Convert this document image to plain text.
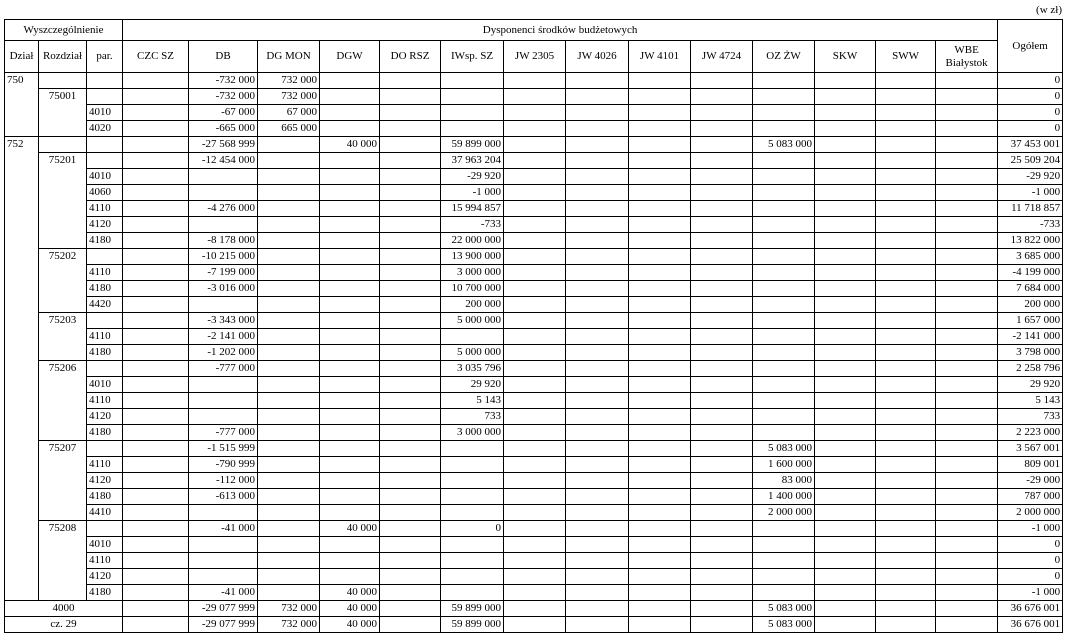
(w zł)
Wyszczególnienie			Dysponenci środków budżetowych														Ogółem
Dział	Rozdział	par.	CZC SZ	DB	DG MON	DGW	DO RSZ	IWsp. SZ	JW 2305	JW 4026	JW 4101	JW 4724	OZ ŻW	SKW	SWW	WBE
Białystok	

750				-732 000	732 000												0
	75001			-732 000	732 000												0
		4010		-67 000	67 000												0
		4020		-665 000	665 000												0
752				-27 568 999		40 000		59 899 000					5 083 000				37 453 001
	75201			-12 454 000				37 963 204									25 509 204
		4010						-29 920									-29 920
		4060						-1 000									-1 000
		4110		-4 276 000				15 994 857									11 718 857
		4120						-733									-733
		4180		-8 178 000				22 000 000									13 822 000
	75202			-10 215 000				13 900 000									3 685 000
		4110		-7 199 000				3 000 000									-4 199 000
		4180		-3 016 000				10 700 000									7 684 000
		4420						200 000									200 000
	75203			-3 343 000				5 000 000									1 657 000
		4110		-2 141 000													-2 141 000
		4180		-1 202 000				5 000 000									3 798 000
	75206			-777 000				3 035 796									2 258 796
		4010						29 920									29 920
		4110						5 143									5 143
		4120						733									733
		4180		-777 000				3 000 000									2 223 000
	75207			-1 515 999									5 083 000				3 567 001
		4110		-790 999									1 600 000				809 001
		4120		-112 000									83 000				-29 000
		4180		-613 000									1 400 000				787 000
		4410											2 000 000				2 000 000
	75208			-41 000		40 000		0									-1 000
		4010															0
		4110															0
		4120															0
		4180		-41 000		40 000											-1 000
4000				-29 077 999	732 000	40 000		59 899 000					5 083 000				36 676 001
cz. 29				-29 077 999	732 000	40 000		59 899 000					5 083 000				36 676 001
